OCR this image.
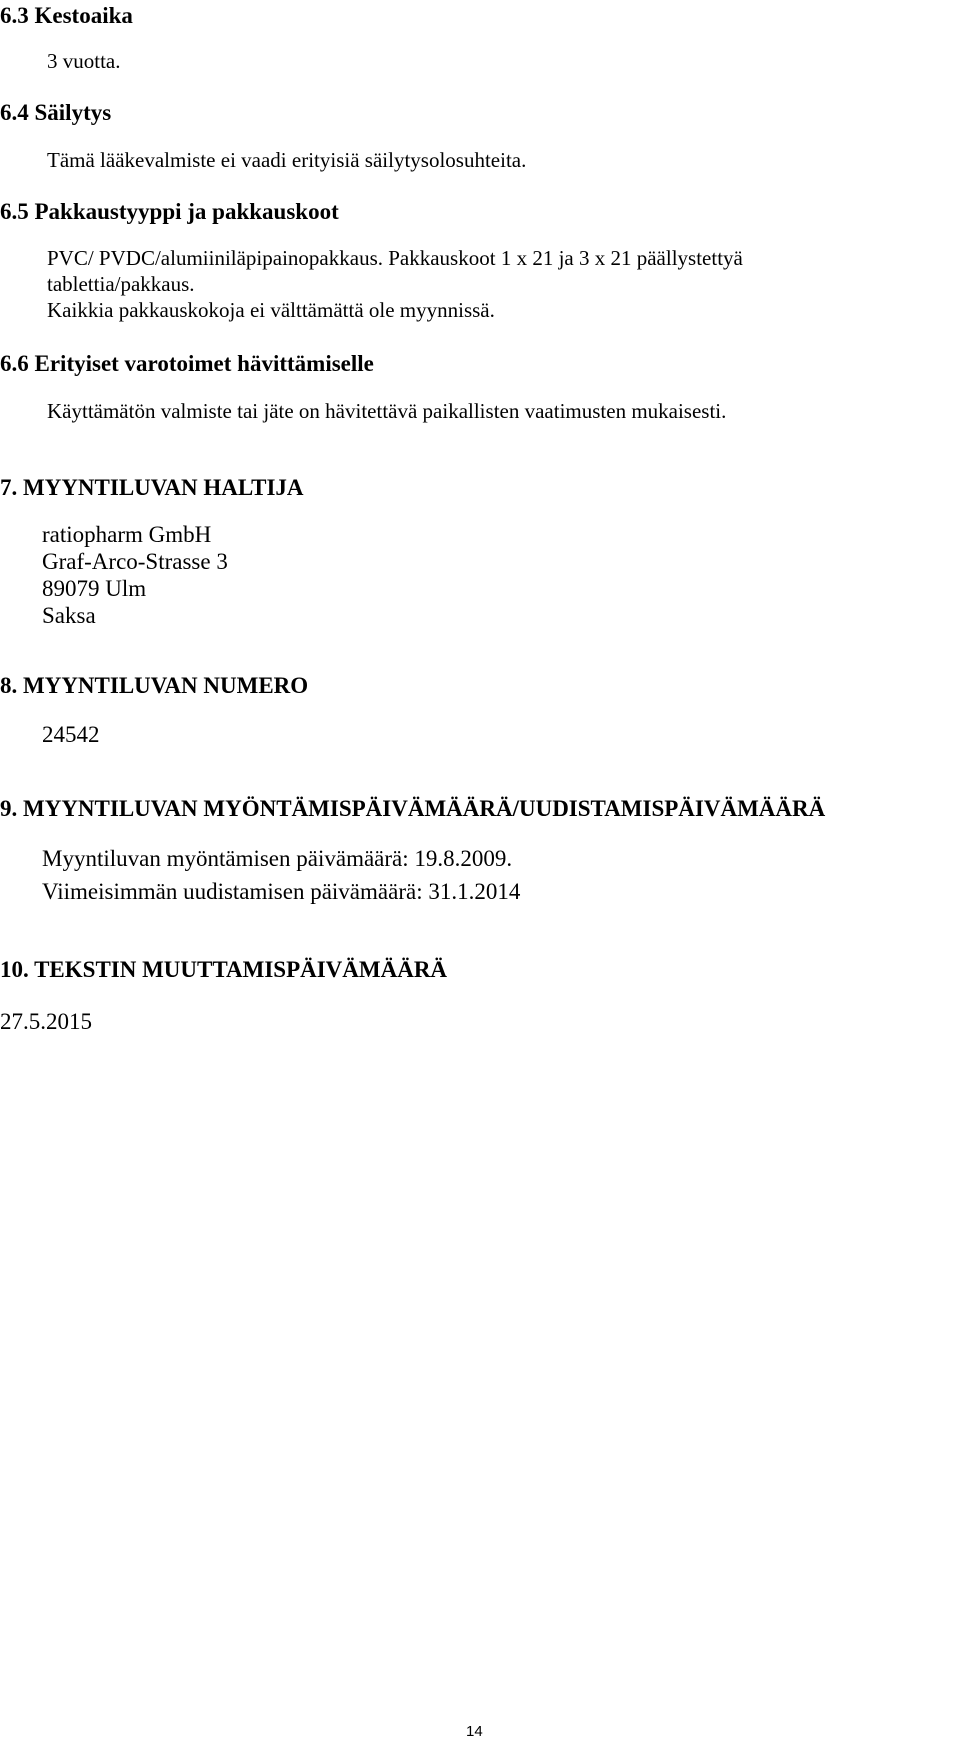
6.3 Kestoaika

3 vuotta.

6.4 Säilytys

Tämä lääkevalmiste ei vaadi erityisiä säilytysolosuhteita.

6.5 Pakkaustyyppi ja pakkauskoot

PVC/ PVDC/alumiiniläpipainopakkaus. Pakkauskoot 1 x 21 ja 3 x 21 päällystettyä

tablettia/pakkaus.

Kaikkia pakkauskokoja ei välttämättä ole myynnissä.

6.6 Erityiset varotoimet hävittämiselle

Käyttämätön valmiste tai jäte on hävitettävä paikallisten vaatimusten mukaisesti.

7. MYYNTILUVAN HALTIJA

ratiopharm GmbH

Graf-Arco-Strasse 3

89079 Ulm

Saksa

8. MYYNTILUVAN NUMERO

24542

9. MYYNTILUVAN MYÖNTÄMISPÄIVÄMÄÄRÄ/UUDISTAMISPÄIVÄMÄÄRÄ

Myyntiluvan myöntämisen päivämäärä: 19.8.2009.

Viimeisimmän uudistamisen päivämäärä: 31.1.2014

10. TEKSTIN MUUTTAMISPÄIVÄMÄÄRÄ

27.5.2015

14
